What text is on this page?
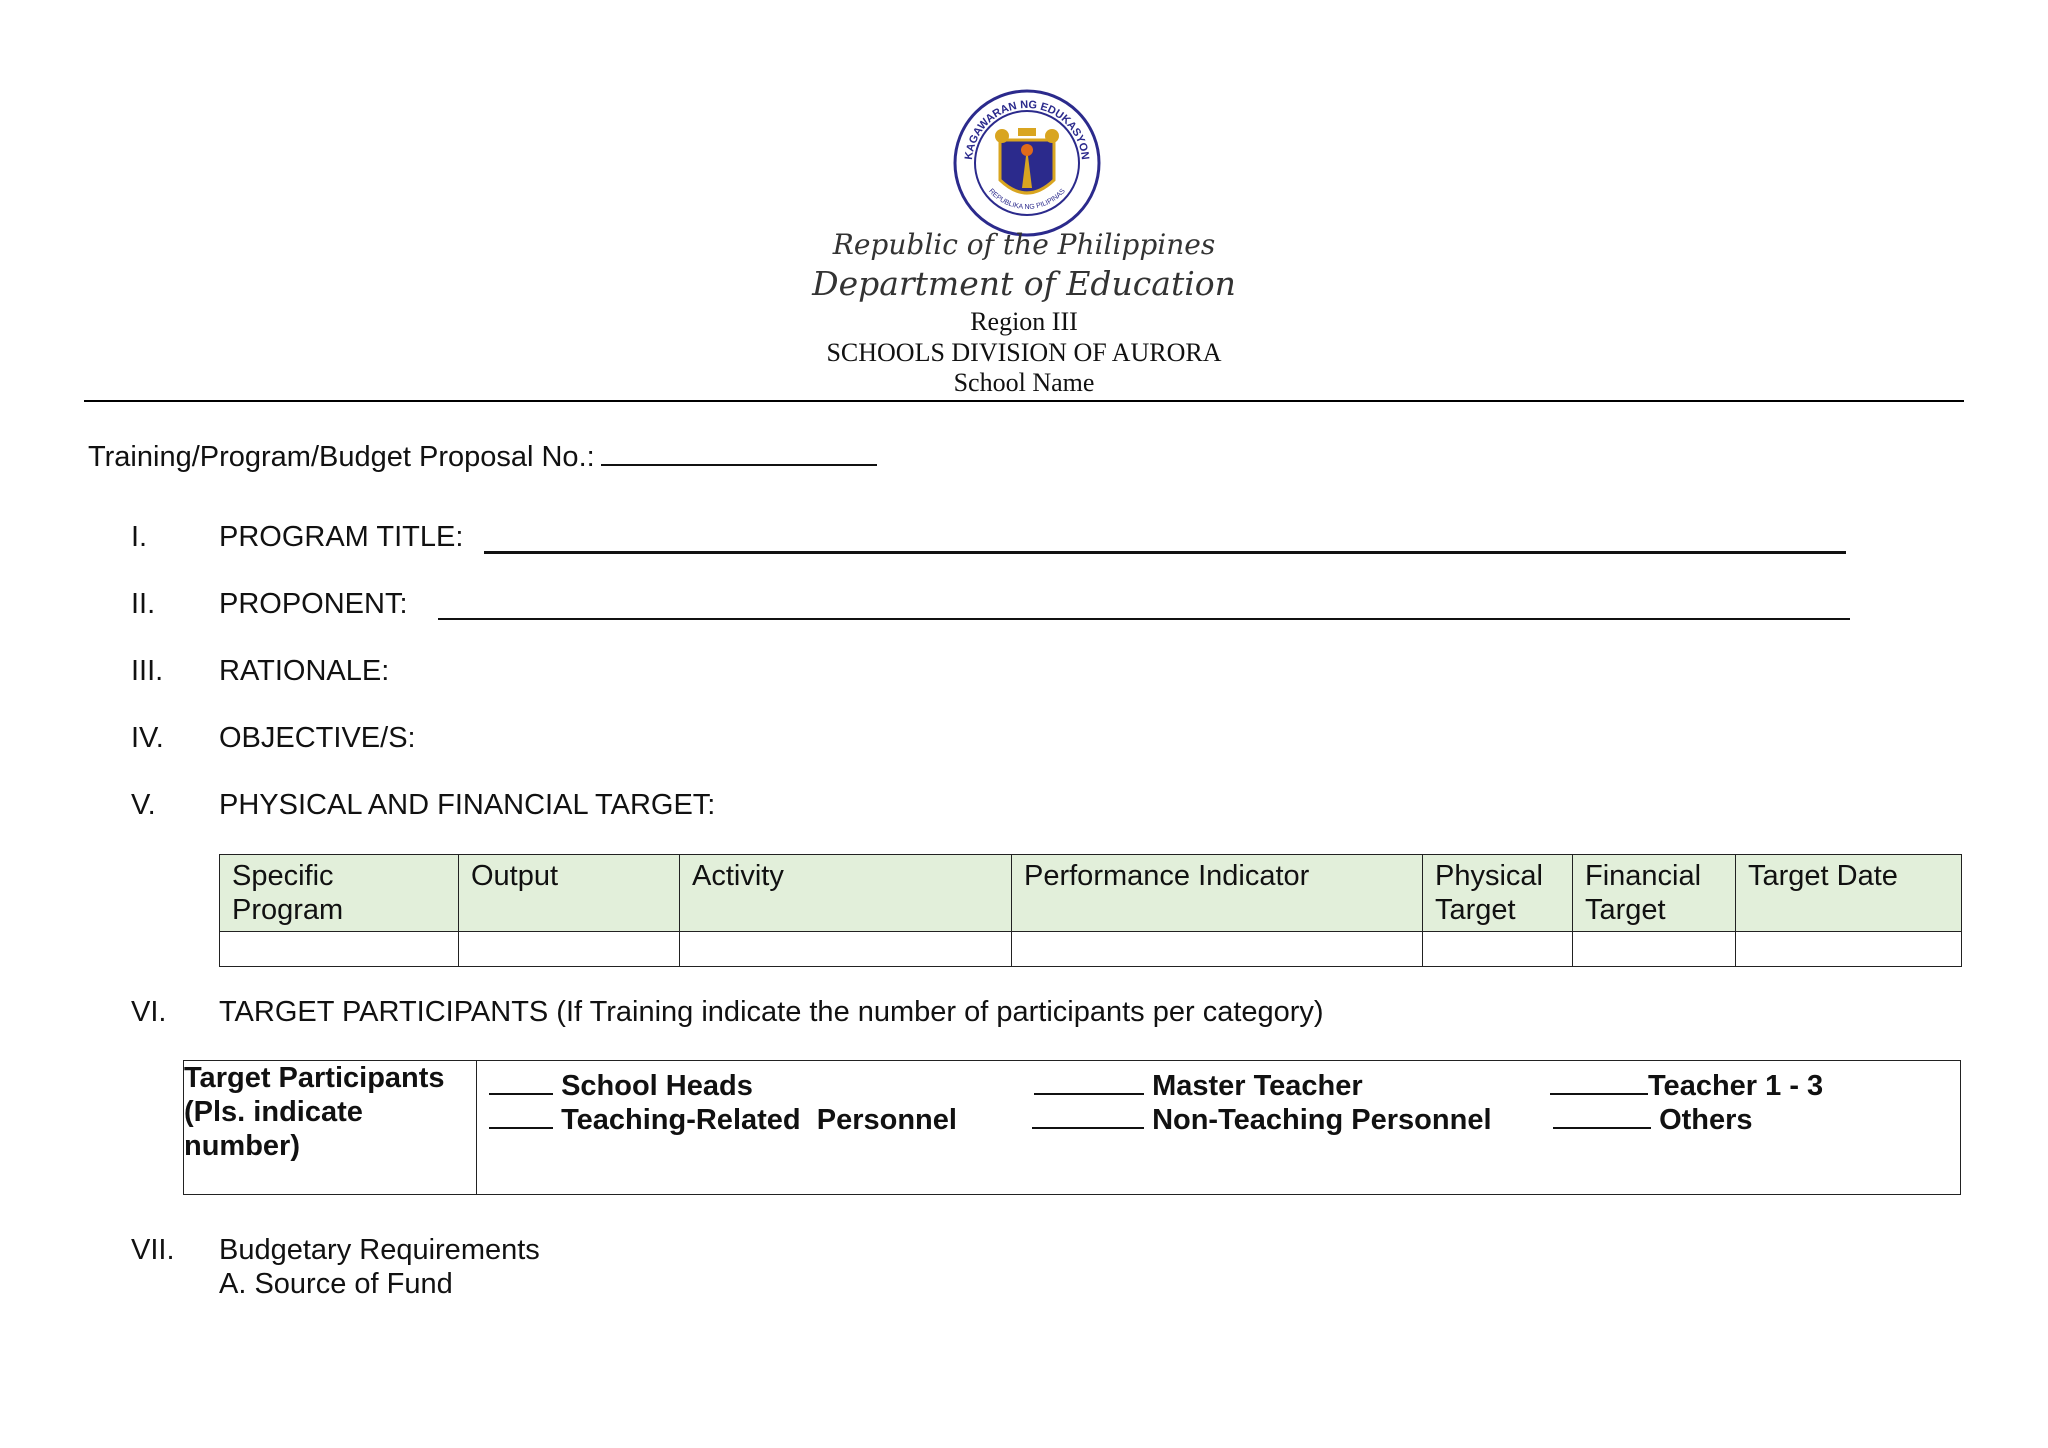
KAGAWARAN NG EDUKASYON
REPUBLIKA NG PILIPINAS
Republic of the Philippines
Department of Education
Region III
SCHOOLS DIVISION OF AURORA
School Name
Training/Program/Budget Proposal No.:
I. PROGRAM TITLE:
II. PROPONENT:
III. RATIONALE:
IV. OBJECTIVE/S:
V. PHYSICAL AND FINANCIAL TARGET:
Specific Program	Output	Activity	Performance Indicator	Physical Target	Financial Target	Target Date

VI. TARGET PARTICIPANTS (If Training indicate the number of participants per category)
Target Participants (Pls. indicate number)	
School Heads	Master Teacher	Teacher 1 - 3
Teaching-Related  Personnel	Non-Teaching Personnel	Others
VII. Budgetary Requirements
A. Source of Fund
